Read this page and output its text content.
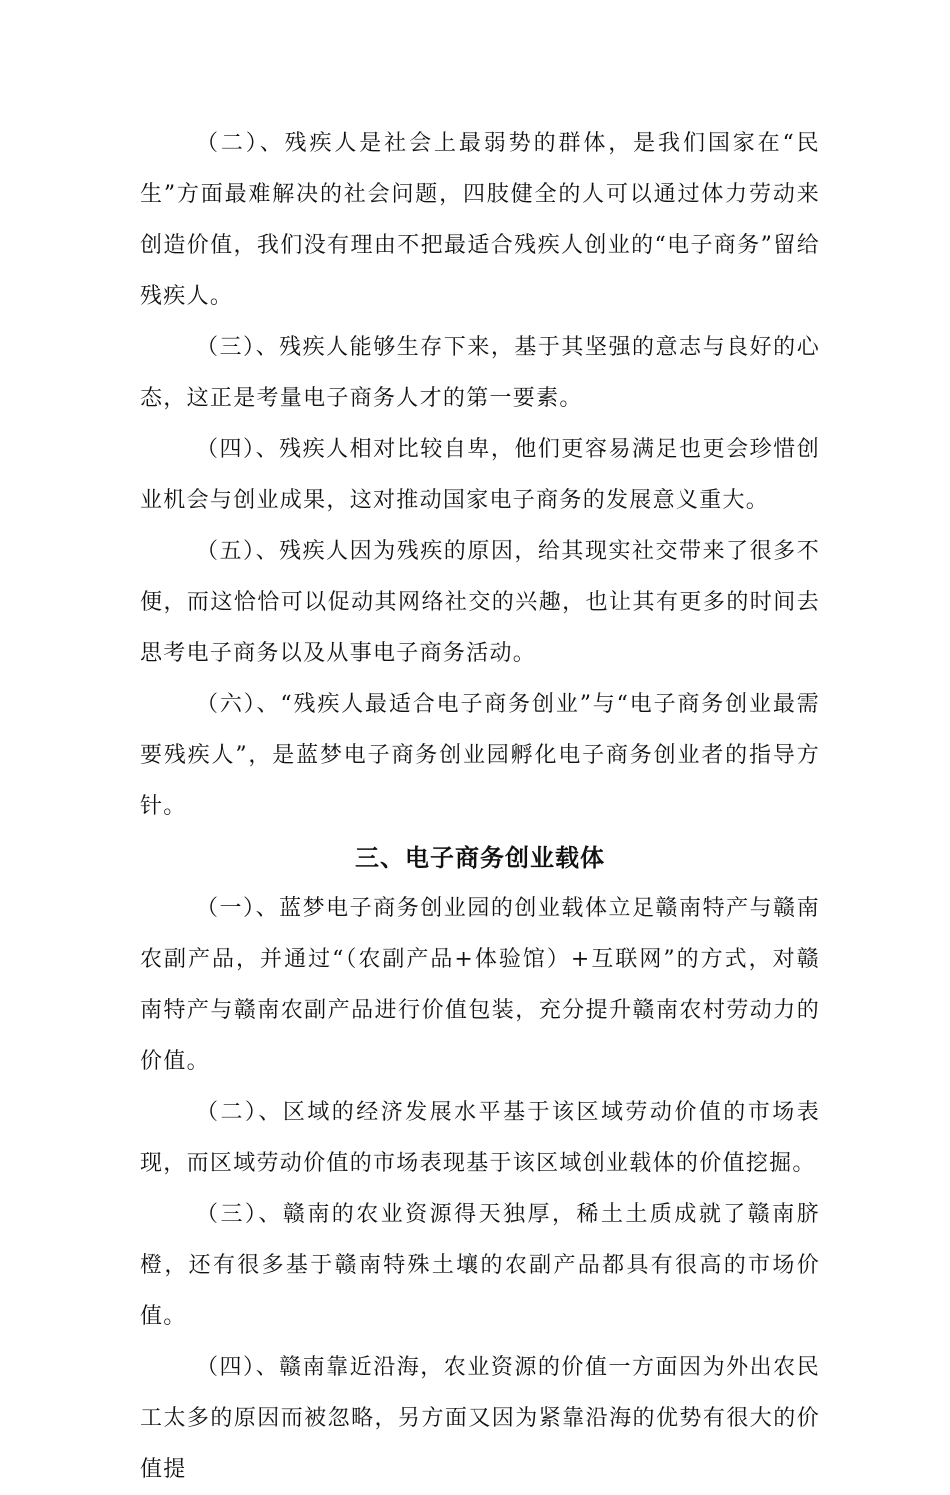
（二）、残疾人是社会上最弱势的群体，是我们国家在“民生”方面最难解决的社会问题，四肢健全的人可以通过体力劳动来创造价值，我们没有理由不把最适合残疾人创业的“电子商务”留给残疾人。

（三）、残疾人能够生存下来，基于其坚强的意志与良好的心态，这正是考量电子商务人才的第一要素。

（四）、残疾人相对比较自卑，他们更容易满足也更会珍惜创业机会与创业成果，这对推动国家电子商务的发展意义重大。

（五）、残疾人因为残疾的原因，给其现实社交带来了很多不便，而这恰恰可以促动其网络社交的兴趣，也让其有更多的时间去思考电子商务以及从事电子商务活动。

（六）、“残疾人最适合电子商务创业”与“电子商务创业最需要残疾人”，是蓝梦电子商务创业园孵化电子商务创业者的指导方针。

三、电子商务创业载体

（一）、蓝梦电子商务创业园的创业载体立足赣南特产与赣南农副产品，并通过“（农副产品+体验馆）+互联网”的方式，对赣南特产与赣南农副产品进行价值包装，充分提升赣南农村劳动力的价值。

（二）、区域的经济发展水平基于该区域劳动价值的市场表现，而区域劳动价值的市场表现基于该区域创业载体的价值挖掘。

（三）、赣南的农业资源得天独厚，稀土土质成就了赣南脐橙，还有很多基于赣南特殊土壤的农副产品都具有很高的市场价值。

（四）、赣南靠近沿海，农业资源的价值一方面因为外出农民工太多的原因而被忽略，另方面又因为紧靠沿海的优势有很大的价值提
